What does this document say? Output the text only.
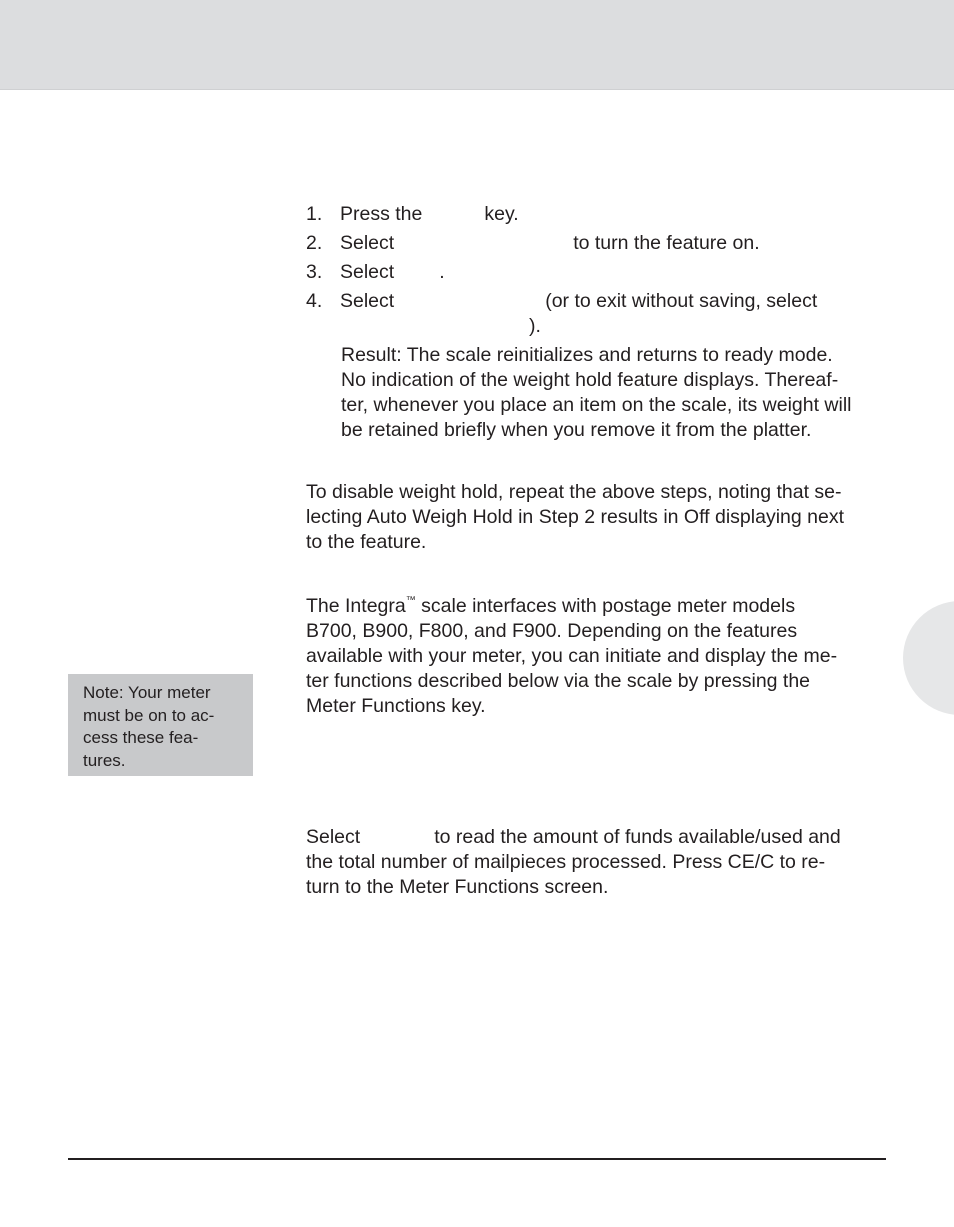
1. Press the	key.
2. Select	to turn the feature on.
3. Select .
4. Select	(or to exit without saving, select
).
Result: The scale reinitializes and returns to ready mode.
No indication of the weight hold feature displays. Thereaf-
ter, whenever you place an item on the scale, its weight will
be retained briefly when you remove it from the platter.
To disable weight hold, repeat the above steps, noting that se-
lecting Auto Weigh Hold in Step 2 results in Off displaying next
to the feature.
The Integra™ scale interfaces with postage meter models
B700, B900, F800, and F900. Depending on the features
available with your meter, you can initiate and display the me-
ter functions described below via the scale by pressing the
Meter Functions key.
Note: Your meter
must be on to ac-
cess these fea-
tures.
Select	to read the amount of funds available/used and
the total number of mailpieces processed. Press CE/C to re-
turn to the Meter Functions screen.
